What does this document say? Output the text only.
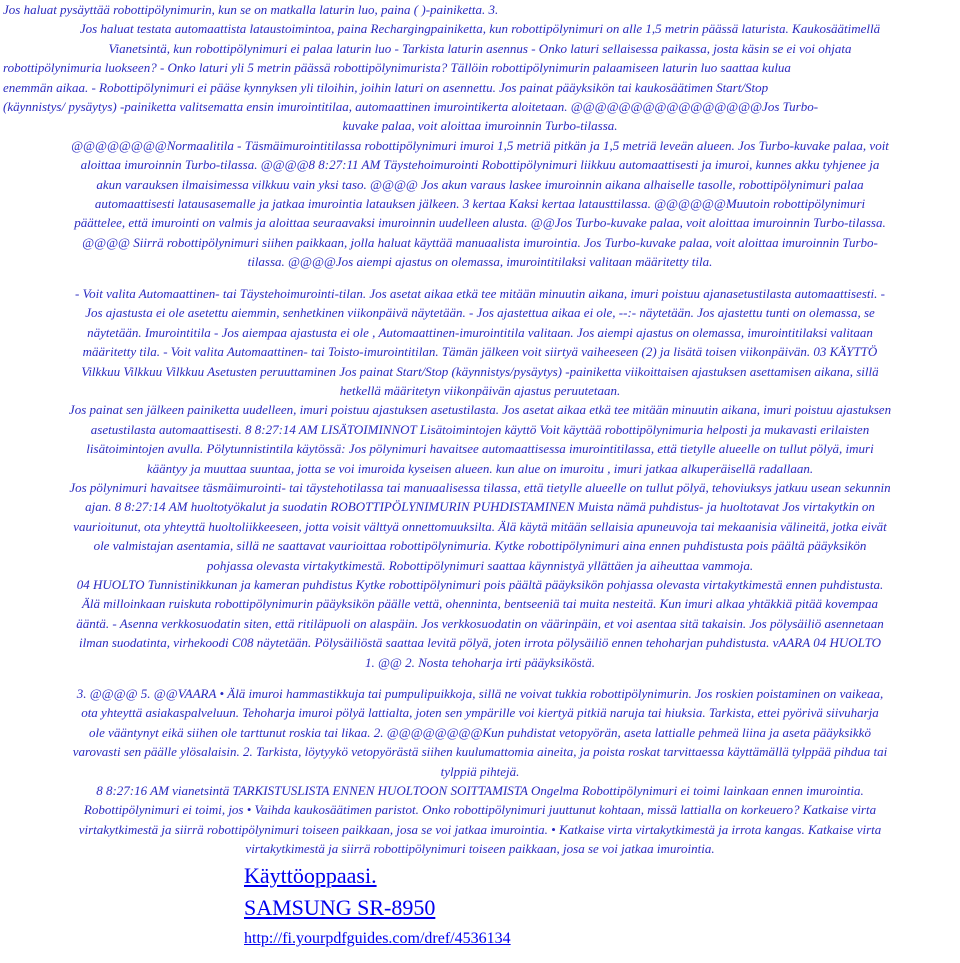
Jos haluat pysäyttää robottipölynimurin, kun se on matkalla laturin luo, paina ( )-painiketta. 3.
Jos haluat testata automaattista lataustoimintoa, paina Rechargingpainiketta, kun robottipölynimuri on alle 1,5 metrin päässä laturista. Kaukosäätimellä
Vianetsintä, kun robottipölynimuri ei palaa laturin luo - Tarkista laturin asennus - Onko laturi sellaisessa paikassa, josta käsin se ei voi ohjata
robottipölynimuria luokseen? - Onko laturi yli 5 metrin päässä robottipölynimurista? Tällöin robottipölynimurin palaamiseen laturin luo saattaa kulua
enemmän aikaa. - Robottipölynimuri ei pääse kynnyksen yli tiloihin, joihin laturi on asennettu. Jos painat pääyksikön tai kaukosäätimen Start/Stop
(käynnistys/ pysäytys) -painiketta valitsematta ensin imurointitilaa, automaattinen imurointikerta aloitetaan. @@@@@@@@@@@@@@@@Jos Turbo-
kuvake palaa, voit aloittaa imuroinnin Turbo-tilassa.
@@@@@@@@Normaalitila - Täsmäimurointitilassa robottipölynimuri imuroi 1,5 metriä pitkän ja 1,5 metriä leveän alueen. Jos Turbo-kuvake palaa, voit
aloittaa imuroinnin Turbo-tilassa. @@@@8 8:27:11 AM Täystehoimurointi Robottipölynimuri liikkuu automaattisesti ja imuroi, kunnes akku tyhjenee ja
akun varauksen ilmaisimessa vilkkuu vain yksi taso. @@@@ Jos akun varaus laskee imuroinnin aikana alhaiselle tasolle, robottipölynimuri palaa
automaattisesti latausasemalle ja jatkaa imurointia latauksen jälkeen. 3 kertaa Kaksi kertaa latausttilassa. @@@@@@Muutoin robottipölynimuri
päättelee, että imurointi on valmis ja aloittaa seuraavaksi imuroinnin uudelleen alusta. @@Jos Turbo-kuvake palaa, voit aloittaa imuroinnin Turbo-tilassa.
@@@@ Siirrä robottipölynimuri siihen paikkaan, jolla haluat käyttää manuaalista imurointia. Jos Turbo-kuvake palaa, voit aloittaa imuroinnin Turbo-
tilassa. @@@@Jos aiempi ajastus on olemassa, imurointitilaksi valitaan määritetty tila.
- Voit valita Automaattinen- tai Täystehoimurointi-tilan. Jos asetat aikaa etkä tee mitään minuutin aikana, imuri poistuu ajanasetustilasta automaattisesti. -
Jos ajastusta ei ole asetettu aiemmin, senhetkinen viikonpäivä näytetään. - Jos ajastettua aikaa ei ole, --:- näytetään. Jos ajastettu tunti on olemassa, se
näytetään. Imurointitila - Jos aiempaa ajastusta ei ole , Automaattinen-imurointitila valitaan. Jos aiempi ajastus on olemassa, imurointitilaksi valitaan
määritetty tila. - Voit valita Automaattinen- tai Toisto-imurointitilan. Tämän jälkeen voit siirtyä vaiheeseen (2) ja lisätä toisen viikonpäivän. 03 KÄYTTÖ
Vilkkuu Vilkkuu Vilkkuu Asetusten peruuttaminen Jos painat Start/Stop (käynnistys/pysäytys) -painiketta viikoittaisen ajastuksen asettamisen aikana, sillä
hetkellä määritetyn viikonpäivän ajastus peruutetaan.
Jos painat sen jälkeen painiketta uudelleen, imuri poistuu ajastuksen asetustilasta. Jos asetat aikaa etkä tee mitään minuutin aikana, imuri poistuu ajastuksen
asetustilasta automaattisesti. 8 8:27:14 AM LISÄTOIMINNOT Lisätoimintojen käyttö Voit käyttää robottipölynimuria helposti ja mukavasti erilaisten
lisätoimintojen avulla. Pölytunnistintila käytössä: Jos pölynimuri havaitsee automaattisessa imurointitilassa, että tietylle alueelle on tullut pölyä, imuri
kääntyy ja muuttaa suuntaa, jotta se voi imuroida kyseisen alueen. kun alue on imuroitu , imuri jatkaa alkuperäisellä radallaan.
Jos pölynimuri havaitsee täsmäimurointi- tai täystehotilassa tai manuaalisessa tilassa, että tietylle alueelle on tullut pölyä, tehoviuksys jatkuu usean sekunnin
ajan. 8 8:27:14 AM huoltotyökalut ja suodatin ROBOTTIPÖLYNIMURIN PUHDISTAMINEN Muista nämä puhdistus- ja huoltotavat Jos virtakytkin on
vaurioitunut, ota yhteyttä huoltoliikkeeseen, jotta voisit välttyä onnettomuuksilta. Älä käytä mitään sellaisia apuneuvoja tai mekaanisia välineitä, jotka eivät
ole valmistajan asentamia, sillä ne saattavat vaurioittaa robottipölynimuria. Kytke robottipölynimuri aina ennen puhdistusta pois päältä pääyksikön
pohjassa olevasta virtakytkimestä. Robottipölynimuri saattaa käynnistyä yllättäen ja aiheuttaa vammoja.
04 HUOLTO Tunnistinikkunan ja kameran puhdistus Kytke robottipölynimuri pois päältä pääyksikön pohjassa olevasta virtakytkimestä ennen puhdistusta.
Älä milloinkaan ruiskuta robottipölynimurin pääyksikön päälle vettä, ohenninta, bentseeniä tai muita nesteitä. Kun imuri alkaa yhtäkkiä pitää kovempaa
ääntä. - Asenna verkkosuodatin siten, että ritiläpuoli on alaspäin. Jos verkkosuodatin on väärinpäin, et voi asentaa sitä takaisin. Jos pölysäiliö asennetaan
ilman suodatinta, virhekoodi C08 näytetään. Pölysäiliöstä saattaa levitä pölyä, joten irrota pölysäiliö ennen tehoharjan puhdistusta. vAARA 04 HUOLTO
1. @@ 2. Nosta tehoharja irti pääyksiköstä.
3. @@@@ 5. @@VAARA • Älä imuroi hammastikkuja tai pumpulipuikkoja, sillä ne voivat tukkia robottipölynimurin. Jos roskien poistaminen on vaikeaa,
ota yhteyttä asiakaspalveluun. Tehoharja imuroi pölyä lattialta, joten sen ympärille voi kiertyä pitkiä naruja tai hiuksia. Tarkista, ettei pyörivä siivuharja
ole vääntynyt eikä siihen ole tarttunut roskia tai likaa. 2. @@@@@@@@Kun puhdistat vetopyörän, aseta lattialle pehmeä liina ja aseta pääyksikkö
varovasti sen päälle ylösalaisin. 2. Tarkista, löytyykö vetopyörästä siihen kuulumattomia aineita, ja poista roskat tarvittaessa käyttämällä tylppää pihdua tai
tylppiä pihtejä.
8 8:27:16 AM vianetsintä TARKISTUSLISTA ENNEN HUOLTOON SOITTAMISTA Ongelma Robottipölynimuri ei toimi lainkaan ennen imurointia.
Robottipölynimuri ei toimi, jos • Vaihda kaukosäätimen paristot. Onko robottipölynimuri juuttunut kohtaan, missä lattialla on korkeuero? Katkaise virta
virtakytkimestä ja siirrä robottipölynimuri toiseen paikkaan, josa se voi jatkaa imurointia. • Katkaise virta virtakytkimestä ja irrota kangas. Katkaise virta
virtakytkimestä ja siirrä robottipölynimuri toiseen paikkaan, josa se voi jatkaa imurointia.
Käyttöoppaasi.
SAMSUNG SR-8950
http://fi.yourpdfguides.com/dref/4536134
